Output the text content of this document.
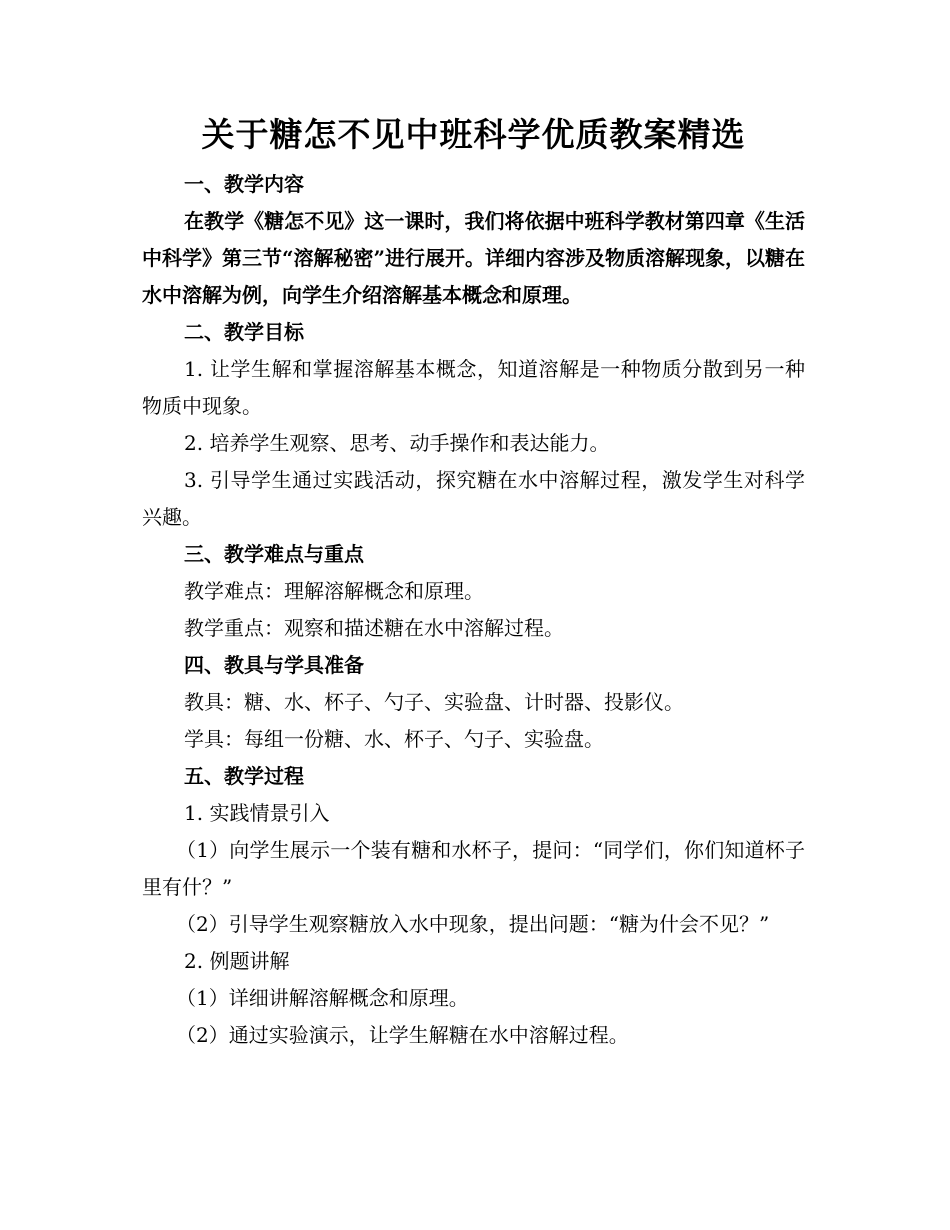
关于糖怎不见中班科学优质教案精选

一、教学内容

在教学《糖怎不见》这一课时，我们将依据中班科学教材第四章《生活中科学》第三节“溶解秘密”进行展开。详细内容涉及物质溶解现象，以糖在水中溶解为例，向学生介绍溶解基本概念和原理。

二、教学目标

1. 让学生解和掌握溶解基本概念，知道溶解是一种物质分散到另一种物质中现象。

2. 培养学生观察、思考、动手操作和表达能力。

3. 引导学生通过实践活动，探究糖在水中溶解过程，激发学生对科学兴趣。

三、教学难点与重点

教学难点：理解溶解概念和原理。

教学重点：观察和描述糖在水中溶解过程。

四、教具与学具准备

教具：糖、水、杯子、勺子、实验盘、计时器、投影仪。

学具：每组一份糖、水、杯子、勺子、实验盘。

五、教学过程

1. 实践情景引入

（1）向学生展示一个装有糖和水杯子，提问：“同学们，你们知道杯子里有什？”

（2）引导学生观察糖放入水中现象，提出问题：“糖为什会不见？”

2. 例题讲解

（1）详细讲解溶解概念和原理。

（2）通过实验演示，让学生解糖在水中溶解过程。
